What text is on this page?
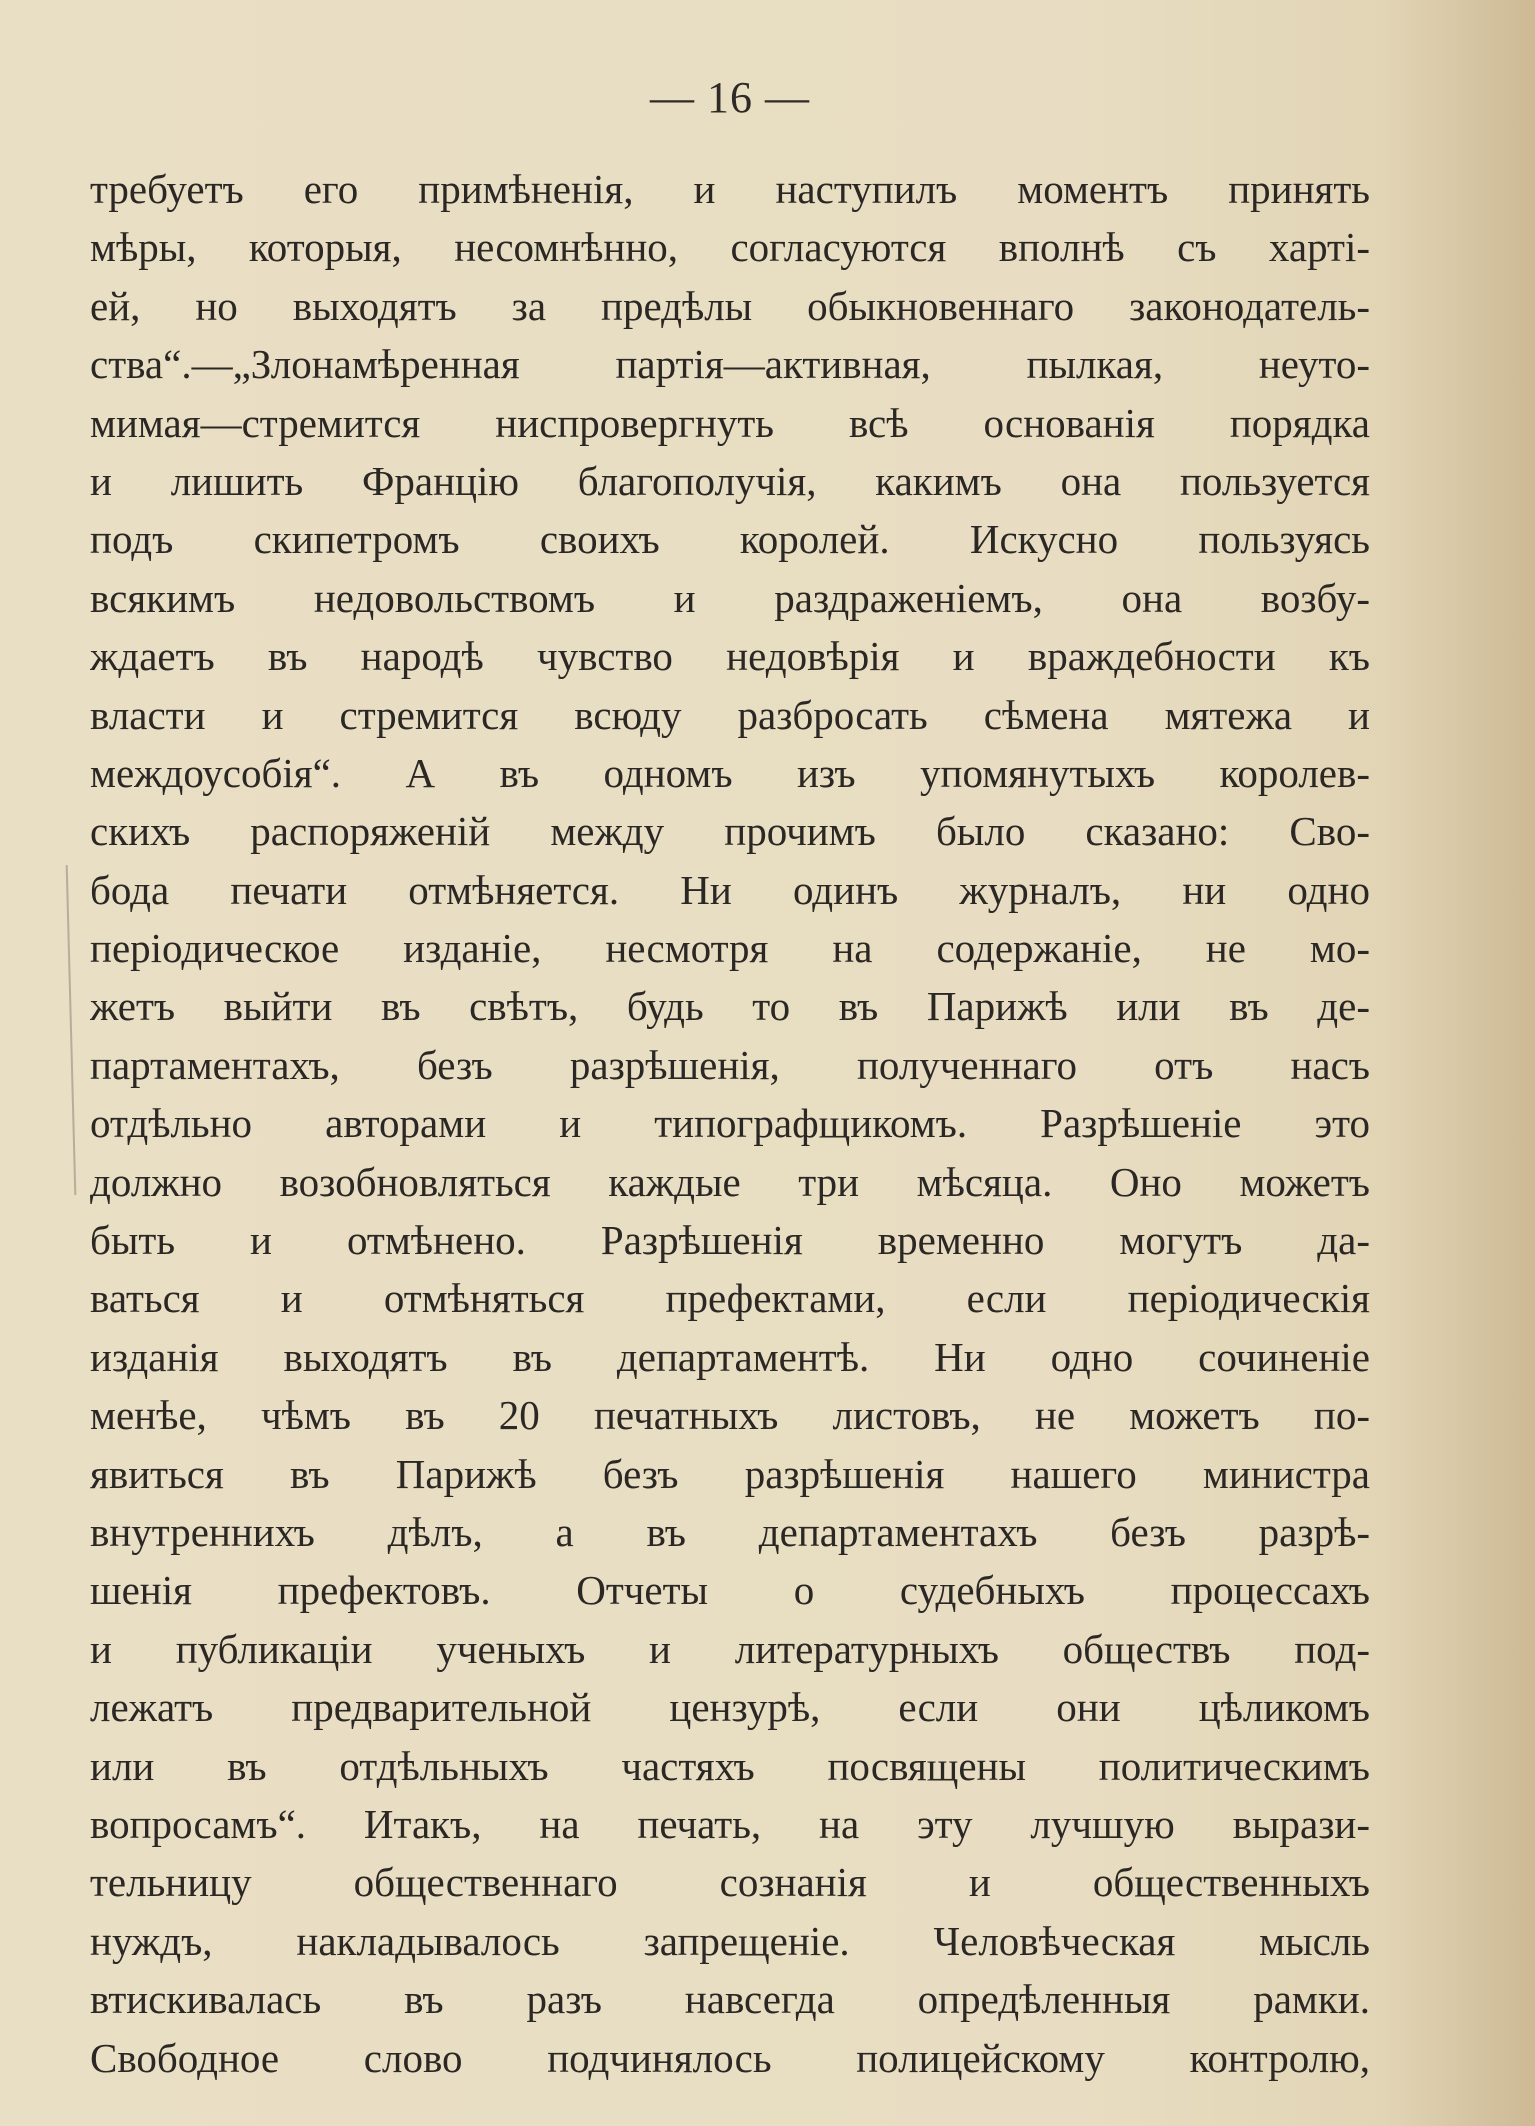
— 16 —
требуетъ его примѣненія, и наступилъ моментъ принять
мѣры, которыя, несомнѣнно, согласуются вполнѣ съ хартi-
ей, но выходятъ за предѣлы обыкновеннаго законодатель-
ства“.—„Злонамѣренная партія—активная, пылкая, неуто-
мимая—стремится ниспровергнуть всѣ основанія порядка
и лишить Францію благополучія, какимъ она пользуется
подъ скипетромъ своихъ королей. Искусно пользуясь
всякимъ недовольствомъ и раздраженіемъ, она возбу-
ждаетъ въ народѣ чувство недовѣрія и враждебности къ
власти и стремится всюду разбросать сѣмена мятежа и
междоусобія“. А въ одномъ изъ упомянутыхъ королев-
скихъ распоряженій между прочимъ было сказано: Сво-
бода печати отмѣняется. Ни одинъ журналъ, ни одно
періодическое изданіе, несмотря на содержаніе, не мо-
жетъ выйти въ свѣтъ, будь то въ Парижѣ или въ де-
партаментахъ, безъ разрѣшенія, полученнаго отъ насъ
отдѣльно авторами и типографщикомъ. Разрѣшеніе это
должно возобновляться каждые три мѣсяца. Оно можетъ
быть и отмѣнено. Разрѣшенія временно могутъ да-
ваться и отмѣняться префектами, если періодическія
изданія выходятъ въ департаментѣ. Ни одно сочиненіе
менѣе, чѣмъ въ 20 печатныхъ листовъ, не можетъ по-
явиться въ Парижѣ безъ разрѣшенія нашего министра
внутреннихъ дѣлъ, а въ департаментахъ безъ разрѣ-
шенія префектовъ. Отчеты о судебныхъ процессахъ
и публикаціи ученыхъ и литературныхъ обществъ под-
лежатъ предварительной цензурѣ, если они цѣликомъ
или въ отдѣльныхъ частяхъ посвящены политическимъ
вопросамъ“. Итакъ, на печать, на эту лучшую вырази-
тельницу общественнаго сознанія и общественныхъ
нуждъ, накладывалось запрещеніе. Человѣческая мысль
втискивалась въ разъ навсегда опредѣленныя рамки.
Свободное слово подчинялось полицейскому контролю,
